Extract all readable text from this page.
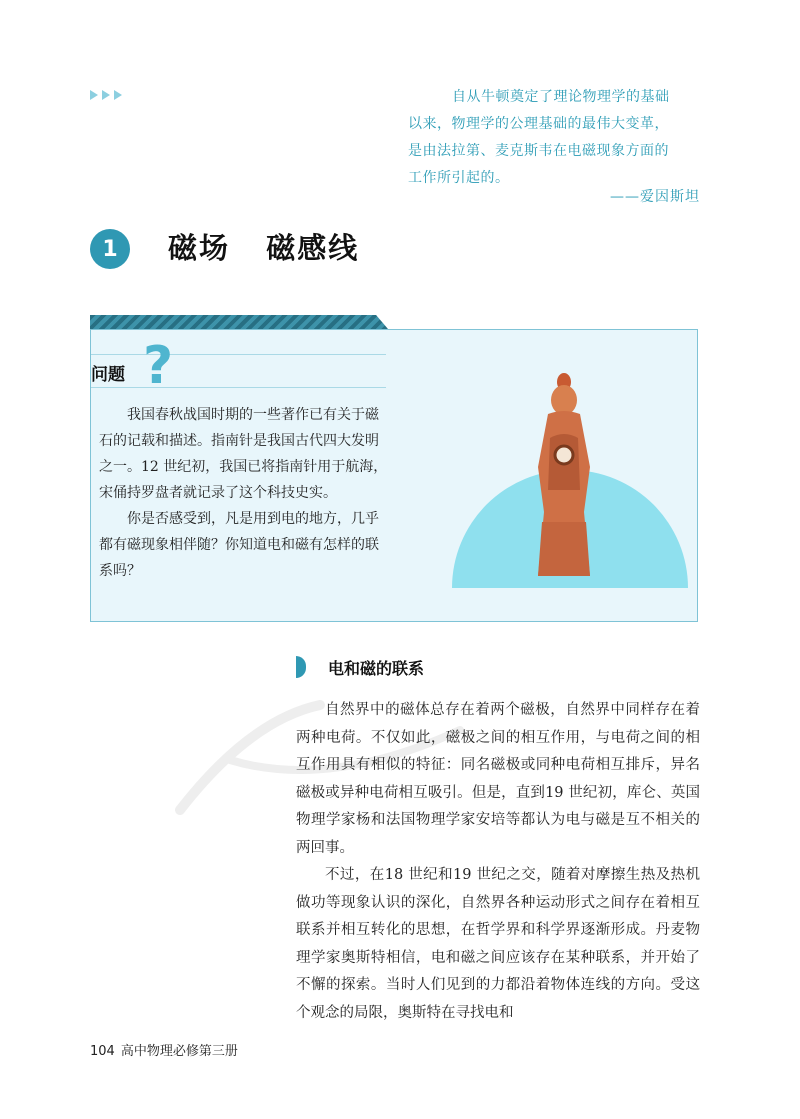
自从牛顿奠定了理论物理学的基础
以来，物理学的公理基础的最伟大变革，
是由法拉第、麦克斯韦在电磁现象方面的
工作所引起的。
——爱因斯坦
1	磁场   磁感线
问题 ?

我国春秋战国时期的一些著作已有关于磁石的记载和描述。指南针是我国古代四大发明之一。12 世纪初，我国已将指南针用于航海，宋俑持罗盘者就记录了这个科技史实。

你是否感受到，凡是用到电的地方，几乎都有磁现象相伴随？你知道电和磁有怎样的联系吗？

电和磁的联系

自然界中的磁体总存在着两个磁极，自然界中同样存在着两种电荷。不仅如此，磁极之间的相互作用，与电荷之间的相互作用具有相似的特征：同名磁极或同种电荷相互排斥，异名磁极或异种电荷相互吸引。但是，直到19 世纪初，库仑、英国物理学家杨和法国物理学家安培等都认为电与磁是互不相关的两回事。

不过，在18 世纪和19 世纪之交，随着对摩擦生热及热机做功等现象认识的深化，自然界各种运动形式之间存在着相互联系并相互转化的思想，在哲学界和科学界逐渐形成。丹麦物理学家奥斯特相信，电和磁之间应该存在某种联系，并开始了不懈的探索。当时人们见到的力都沿着物体连线的方向。受这个观念的局限，奥斯特在寻找电和

104 高中物理必修第三册
